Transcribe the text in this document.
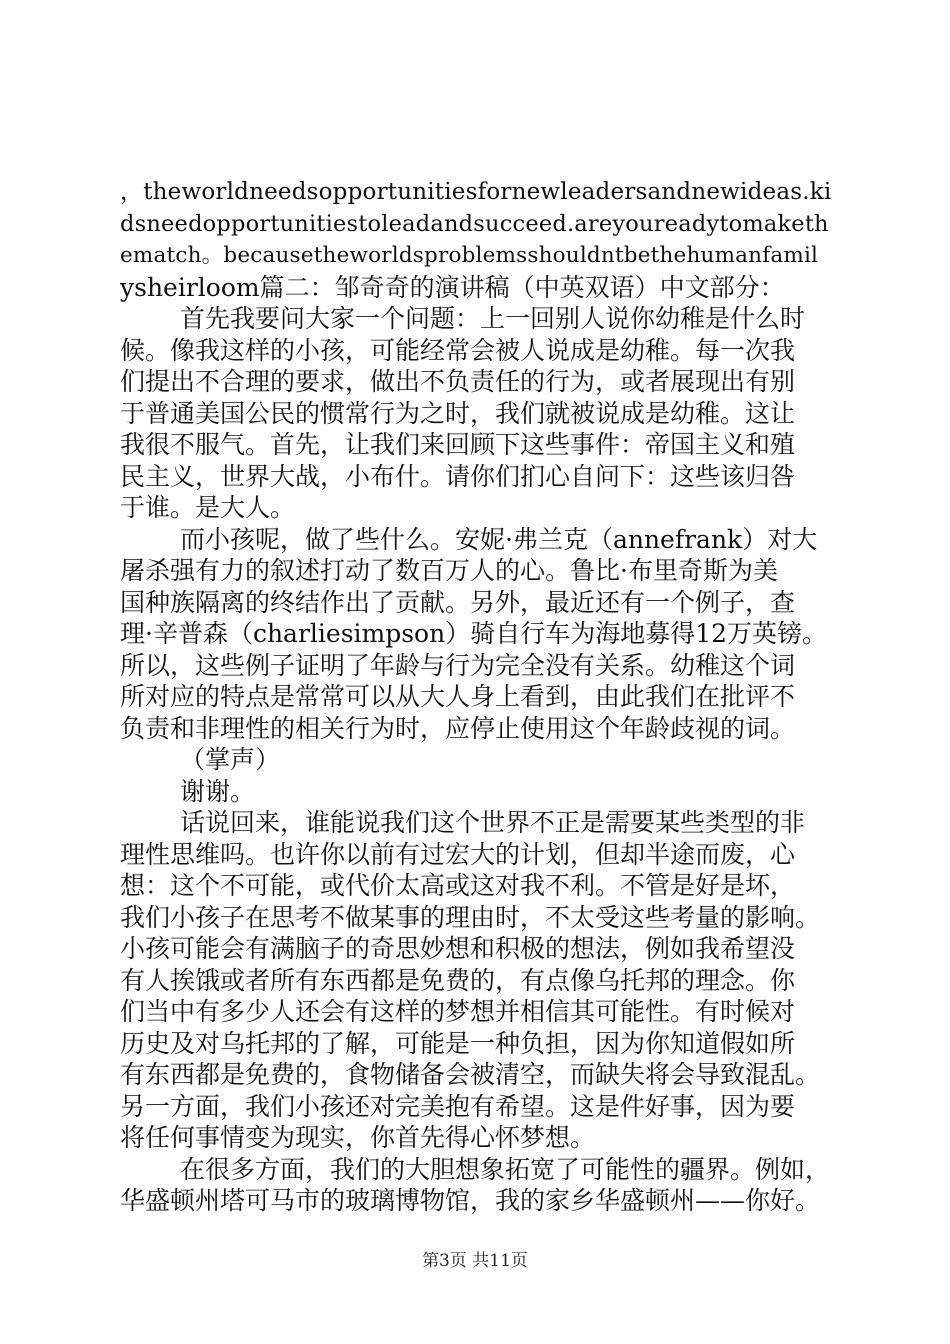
，theworldneedsopportunitiesfornewleadersandnewideas.ki
dsneedopportunitiestoleadandsucceed.areyoureadytomaketh
ematch。becausetheworldsproblemsshouldntbethehumanfamil
ysheirloom篇二：邹奇奇的演讲稿（中英双语）中文部分：
首先我要问大家一个问题：上一回别人说你幼稚是什么时
候。像我这样的小孩，可能经常会被人说成是幼稚。每一次我
们提出不合理的要求，做出不负责任的行为，或者展现出有别
于普通美国公民的惯常行为之时，我们就被说成是幼稚。这让
我很不服气。首先，让我们来回顾下这些事件：帝国主义和殖
民主义，世界大战，小布什。请你们扪心自问下：这些该归咎
于谁。是大人。
而小孩呢，做了些什么。安妮·弗兰克（annefrank）对大
屠杀强有力的叙述打动了数百万人的心。鲁比·布里奇斯为美
国种族隔离的终结作出了贡献。另外，最近还有一个例子，查
理·辛普森（charliesimpson）骑自行车为海地募得12万英镑。
所以，这些例子证明了年龄与行为完全没有关系。幼稚这个词
所对应的特点是常常可以从大人身上看到，由此我们在批评不
负责和非理性的相关行为时，应停止使用这个年龄歧视的词。
（掌声）
谢谢。
话说回来，谁能说我们这个世界不正是需要某些类型的非
理性思维吗。也许你以前有过宏大的计划，但却半途而废，心
想：这个不可能，或代价太高或这对我不利。不管是好是坏，
我们小孩子在思考不做某事的理由时，不太受这些考量的影响。
小孩可能会有满脑子的奇思妙想和积极的想法，例如我希望没
有人挨饿或者所有东西都是免费的，有点像乌托邦的理念。你
们当中有多少人还会有这样的梦想并相信其可能性。有时候对
历史及对乌托邦的了解，可能是一种负担，因为你知道假如所
有东西都是免费的，食物储备会被清空，而缺失将会导致混乱。
另一方面，我们小孩还对完美抱有希望。这是件好事，因为要
将任何事情变为现实，你首先得心怀梦想。
在很多方面，我们的大胆想象拓宽了可能性的疆界。例如，
华盛顿州塔可马市的玻璃博物馆，我的家乡华盛顿州——你好。
第3页 共11页
